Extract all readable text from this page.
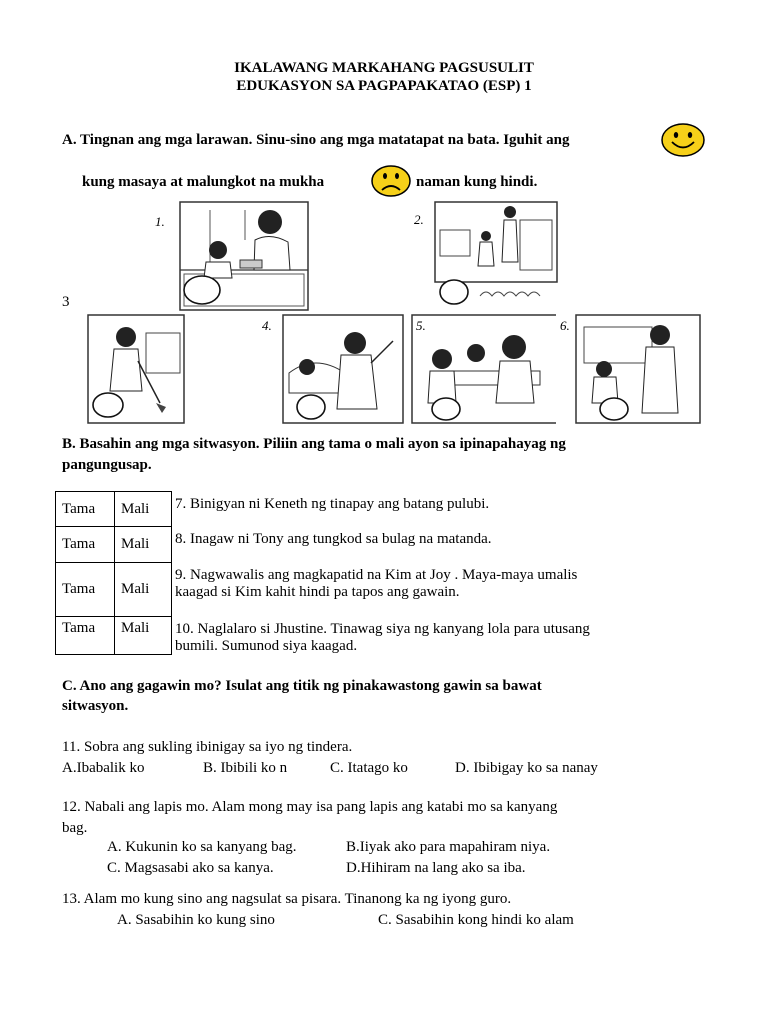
IKALAWANG MARKAHANG PAGSUSULIT
EDUKASYON SA PAGPAPAKATAO (ESP) 1
A. Tingnan ang mga larawan. Sinu-sino ang mga matatapat na bata. Iguhit ang
kung masaya at malungkot na mukha	naman kung hindi.
3
1.	2.
4.	5.	6.
B. Basahin ang mga sitwasyon. Piliin ang tama o mali ayon sa ipinapahayag ng
pangungusap.
Tama	Mali
Tama	Mali
Tama	Mali
Tama	Mali
7. Binigyan ni Keneth ng tinapay ang batang pulubi.
8. Inagaw ni Tony ang tungkod sa bulag na matanda.
9. Nagwawalis ang magkapatid na Kim at Joy . Maya-maya umalis
kaagad si Kim kahit hindi pa tapos ang gawain.
10. Naglalaro si Jhustine. Tinawag siya ng kanyang lola para utusang
bumili. Sumunod siya kaagad.
C. Ano ang gagawin mo? Isulat ang titik ng pinakawastong gawin sa bawat
sitwasyon.
11. Sobra ang sukling ibinigay sa iyo ng tindera.
A.Ibabalik ko	B. Ibibili ko n	C. Itatago ko	D. Ibibigay ko sa nanay
12. Nabali ang lapis mo. Alam mong may isa pang lapis ang katabi mo sa kanyang
bag.
A. Kukunin ko sa kanyang bag.	B.Iiyak ako para mapahiram niya.
C. Magsasabi ako sa kanya.	D.Hihiram na lang ako sa iba.
13. Alam mo kung sino ang nagsulat sa pisara. Tinanong ka ng iyong guro.
A. Sasabihin ko kung sino	C. Sasabihin kong hindi ko alam
